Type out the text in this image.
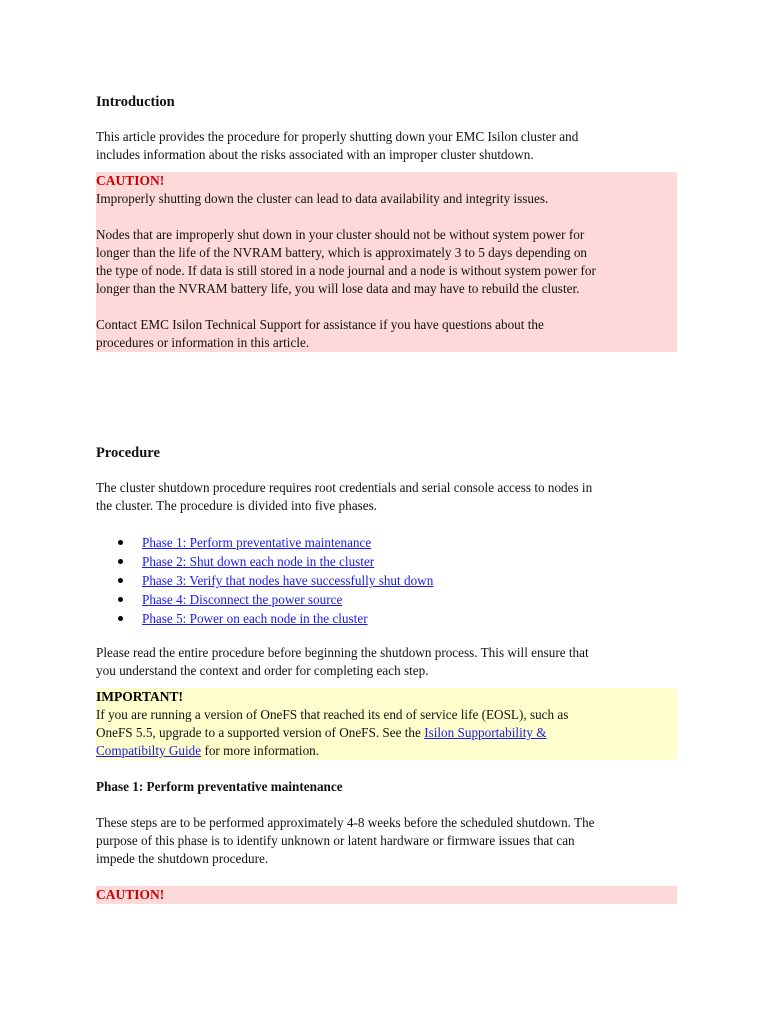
Introduction

This article provides the procedure for properly shutting down your EMC Isilon cluster and

includes information about the risks associated with an improper cluster shutdown.

CAUTION!

Improperly shutting down the cluster can lead to data availability and integrity issues.

Nodes that are improperly shut down in your cluster should not be without system power for

longer than the life of the NVRAM battery, which is approximately 3 to 5 days depending on

the type of node. If data is still stored in a node journal and a node is without system power for

longer than the NVRAM battery life, you will lose data and may have to rebuild the cluster.

Contact EMC Isilon Technical Support for assistance if you have questions about the

procedures or information in this article.

Procedure

The cluster shutdown procedure requires root credentials and serial console access to nodes in

the cluster. The procedure is divided into five phases.

Phase 1: Perform preventative maintenance
Phase 2: Shut down each node in the cluster
Phase 3: Verify that nodes have successfully shut down
Phase 4: Disconnect the power source
Phase 5: Power on each node in the cluster

Please read the entire procedure before beginning the shutdown process. This will ensure that

you understand the context and order for completing each step.

IMPORTANT!

If you are running a version of OneFS that reached its end of service life (EOSL), such as

OneFS 5.5, upgrade to a supported version of OneFS. See the Isilon Supportability &

Compatibilty Guide for more information.

Phase 1: Perform preventative maintenance

These steps are to be performed approximately 4-8 weeks before the scheduled shutdown. The

purpose of this phase is to identify unknown or latent hardware or firmware issues that can

impede the shutdown procedure.

CAUTION!
